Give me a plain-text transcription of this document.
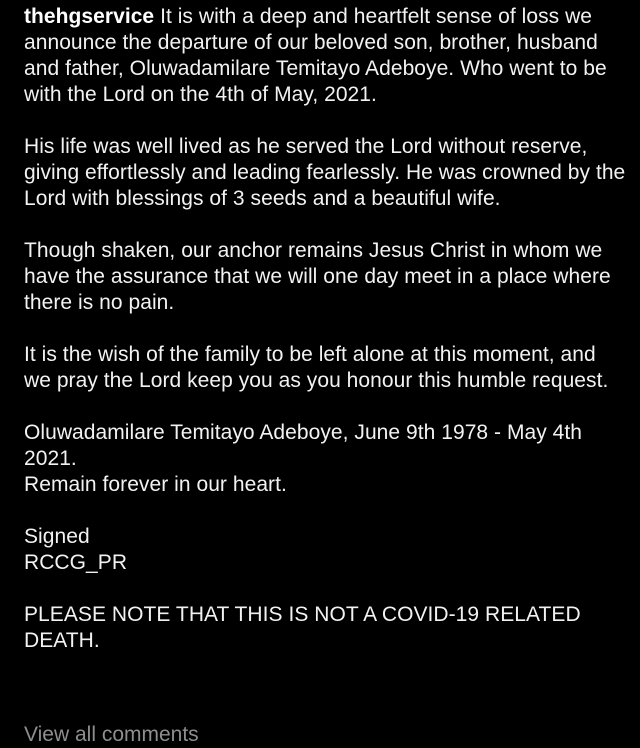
thehgservice It is with a deep and heartfelt sense of loss we announce the departure of our beloved son, brother, husband and father, Oluwadamilare Temitayo Adeboye. Who went to be with the Lord on the 4th of May, 2021.

His life was well lived as he served the Lord without reserve, giving effortlessly and leading fearlessly. He was crowned by the Lord with blessings of 3 seeds and a beautiful wife.

Though shaken, our anchor remains Jesus Christ in whom we have the assurance that we will one day meet in a place where there is no pain.

It is the wish of the family to be left alone at this moment, and we pray the Lord keep you as you honour this humble request.

Oluwadamilare Temitayo Adeboye, June 9th 1978 - May 4th 2021.

Remain forever in our heart.

Signed

RCCG_PR

PLEASE NOTE THAT THIS IS NOT A COVID-19 RELATED DEATH.

View all comments
